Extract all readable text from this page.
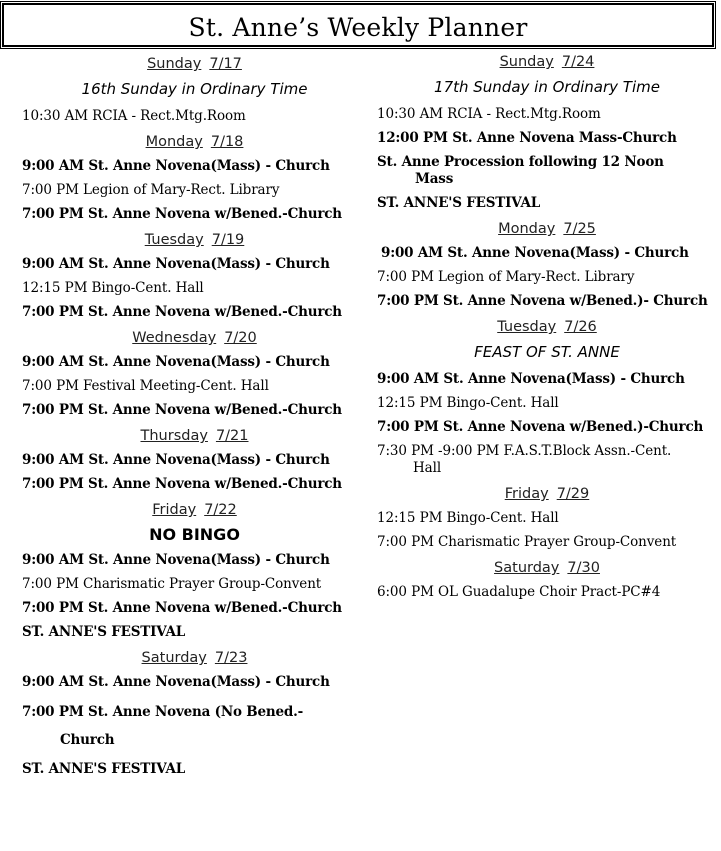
St. Anne’s Weekly Planner
Sunday 7/17
16th Sunday in Ordinary Time
10:30 AM RCIA - Rect.Mtg.Room
Monday 7/18
9:00 AM St. Anne Novena(Mass) - Church
7:00 PM Legion of Mary-Rect. Library
7:00 PM St. Anne Novena w/Bened.-Church
Tuesday 7/19
9:00 AM St. Anne Novena(Mass) - Church
12:15 PM Bingo-Cent. Hall
7:00 PM St. Anne Novena w/Bened.-Church
Wednesday 7/20
9:00 AM St. Anne Novena(Mass) - Church
7:00 PM Festival Meeting-Cent. Hall
7:00 PM St. Anne Novena w/Bened.-Church
Thursday 7/21
9:00 AM St. Anne Novena(Mass) - Church
7:00 PM St. Anne Novena w/Bened.-Church
Friday 7/22
NO BINGO
9:00 AM St. Anne Novena(Mass) - Church
7:00 PM Charismatic Prayer Group-Convent
7:00 PM St. Anne Novena w/Bened.-Church
ST. ANNE'S FESTIVAL
Saturday 7/23
9:00 AM St. Anne Novena(Mass) - Church
7:00 PM St. Anne Novena (No Bened.-
Church
ST. ANNE'S FESTIVAL
Sunday 7/24
17th Sunday in Ordinary Time
10:30 AM RCIA - Rect.Mtg.Room
12:00 PM St. Anne Novena Mass-Church
St. Anne Procession following 12 Noon
Mass
ST. ANNE'S FESTIVAL
Monday 7/25
9:00 AM St. Anne Novena(Mass) - Church
7:00 PM Legion of Mary-Rect. Library
7:00 PM St. Anne Novena w/Bened.)- Church
Tuesday 7/26
FEAST OF ST. ANNE
9:00 AM St. Anne Novena(Mass) - Church
12:15 PM Bingo-Cent. Hall
7:00 PM St. Anne Novena w/Bened.)-Church
7:30 PM -9:00 PM F.A.S.T.Block Assn.-Cent.
Hall
Friday 7/29
12:15 PM Bingo-Cent. Hall
7:00 PM Charismatic Prayer Group-Convent
Saturday 7/30
6:00 PM OL Guadalupe Choir Pract-PC#4
